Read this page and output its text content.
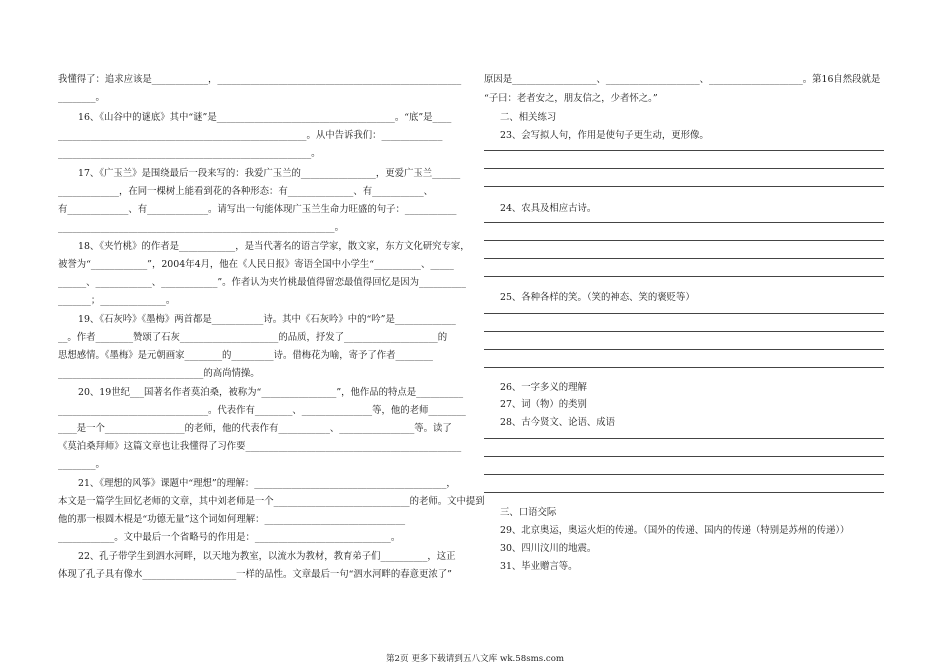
我懂得了：追求应该是____________，____________________________________________________
________。
16、《山谷中的谜底》其中“谜”是______________________________________。“底”是____
_____________________________________________________。从中告诉我们：_____________
______________________________________________________。
17、《广玉兰》是围绕最后一段来写的：我爱广玉兰的________________，更爱广玉兰______
_____________，在同一棵树上能看到花的各种形态：有______________、有___________、
有_____________、有_____________。请写出一句能体现广玉兰生命力旺盛的句子：___________
___________________________________________________________。
18、《夹竹桃》的作者是____________，是当代著名的语言学家，散文家，东方文化研究专家，
被誉为“____________”，2004年4月，他在《人民日报》寄语全国中小学生“__________、_____
______、____________、____________”。作者认为夹竹桃最值得留恋最值得回忆是因为__________
_______；______________。
19、《石灰吟》《墨梅》两首都是___________诗。其中《石灰吟》中的“吟”是_____________
__。作者________赞颂了石灰_____________________的品质，抒发了____________________的
思想感情。《墨梅》是元朝画家________的_________诗。借梅花为喻，寄予了作者________
_______________________________的高尚情操。
20、19世纪___国著名作者莫泊桑，被称为“________________”，他作品的特点是__________
________________________________。代表作有________、_______________等，他的老师________
____是一个_________________的老师，他的代表作有___________、________________等。读了
《莫泊桑拜师》这篇文章也让我懂得了习作要______________________________________________
________。
21、《理想的风筝》课题中“理想”的理解：_________________________________________，
本文是一篇学生回忆老师的文章，其中刘老师是一个_____________________________的老师。文中提到
他的那一根圆木棍是“功德无量”这个词如何理解：______________________________
____________。文中最后一个省略号的作用是：_____________________________。
22、孔子带学生到泗水河畔，以天地为教室，以流水为教材，教育弟子们__________，这正
体现了孔子具有像水____________________一样的品性。文章最后一句“泗水河畔的春意更浓了”
原因是__________________、____________________、____________________。第16自然段就是
“子曰：老者安之，朋友信之，少者怀之。”
二、相关练习
23、会写拟人句，作用是使句子更生动，更形像。
24、农具及相应古诗。
25、各种各样的笑。（笑的神态、笑的褒贬等）
26、一字多义的理解
27、词（物）的类别
28、古今贤文、论语、成语
三、口语交际
29、北京奥运，奥运火炬的传递。（国外的传递、国内的传递（特别是苏州的传递））
30、四川汶川的地震。
31、毕业赠言等。
第2页 更多下载请到五八文库 wk.58sms.com
